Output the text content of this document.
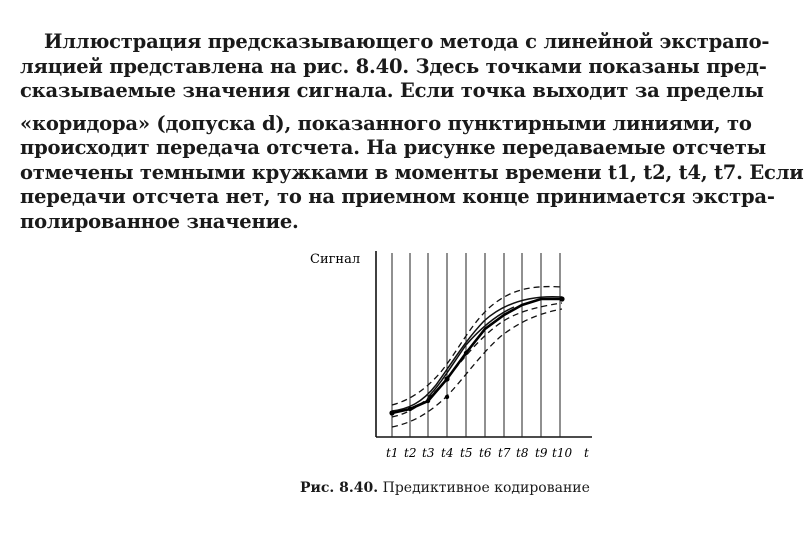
Иллюстрация предсказывающего метода с линейной экстрапо-
ляцией представлена на рис. 8.40. Здесь точками показаны пред-
сказываемые значения сигнала. Если точка выходит за пределы
«коридора» (допуска d), показанного пунктирными линиями, то
происходит передача отсчета. На рисунке передаваемые отсчеты
отмечены темными кружками в моменты времени t1, t2, t4, t7. Если
передачи отсчета нет, то на приемном конце принимается экстра-
полированное значение.
Сигнал
t1 t2 t3 t4 t5 t6 t7 t8 t9 t10 t
Рис. 8.40. Предиктивное кодирование
